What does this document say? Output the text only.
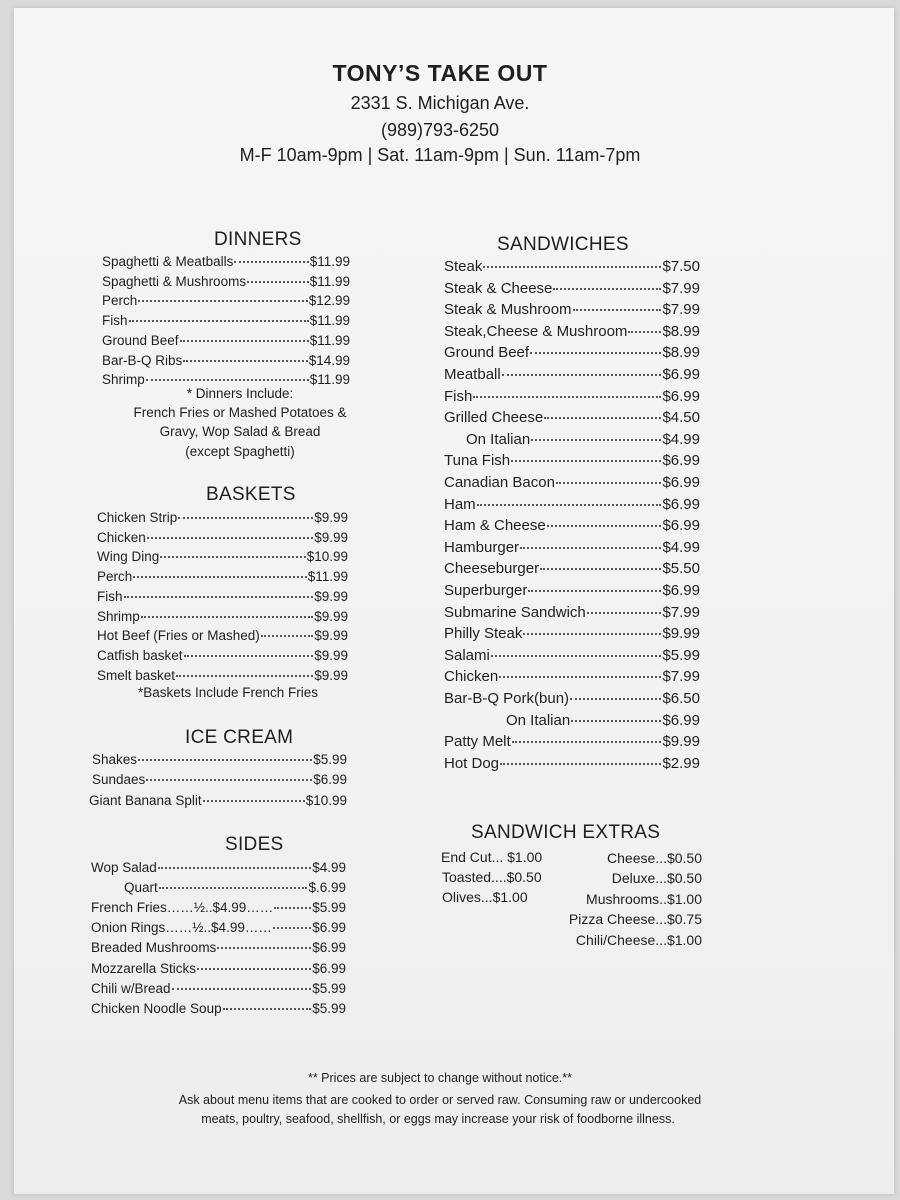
TONY’S TAKE OUT
2331 S. Michigan Ave.
(989)793-6250
M-F 10am-9pm | Sat. 11am-9pm | Sun. 11am-7pm
DINNERS
Spaghetti & Meatballs	$11.99
Spaghetti & Mushrooms	$11.99
Perch	$12.99
Fish	$11.99
Ground Beef	$11.99
Bar-B-Q Ribs	$14.99
Shrimp	$11.99
* Dinners Include:
French Fries or Mashed Potatoes &
Gravy, Wop Salad & Bread
(except Spaghetti)
BASKETS
Chicken Strip	$9.99
Chicken	$9.99
Wing Ding	$10.99
Perch	$11.99
Fish	$9.99
Shrimp	$9.99
Hot Beef (Fries or Mashed)	$9.99
Catfish basket	$9.99
Smelt basket	$9.99
*Baskets Include French Fries
ICE CREAM
Shakes	$5.99
Sundaes	$6.99
Giant Banana Split	$10.99
SIDES
Wop Salad	$4.99
Quart	$.6.99
French Fries……½..$4.99……	$5.99
Onion Rings……½..$4.99……	$6.99
Breaded Mushrooms	$6.99
Mozzarella Sticks	$6.99
Chili w/Bread	$5.99
Chicken Noodle Soup	$5.99
SANDWICHES
Steak	$7.50
Steak & Cheese	$7.99
Steak & Mushroom	$7.99
Steak,Cheese & Mushroom $8.99
Ground Beef	$8.99
Meatball	$6.99
Fish	$6.99
Grilled Cheese	$4.50
On Italian	$4.99
Tuna Fish	$6.99
Canadian Bacon	$6.99
Ham	$6.99
Ham & Cheese	$6.99
Hamburger	$4.99
Cheeseburger	$5.50
Superburger	$6.99
Submarine Sandwich	$7.99
Philly Steak	$9.99
Salami	$5.99
Chicken	$7.99
Bar-B-Q Pork(bun)	$6.50
On Italian	$6.99
Patty Melt	$9.99
Hot Dog	$2.99
SANDWICH EXTRAS
End Cut... $1.00
Toasted....$0.50
Olives...$1.00
Cheese...$0.50
Deluxe...$0.50
Mushrooms..$1.00
Pizza Cheese...$0.75
Chili/Cheese...$1.00
** Prices are subject to change without notice.**
Ask about menu items that are cooked to order or served raw. Consuming raw or undercooked
meats, poultry, seafood, shellfish, or eggs may increase your risk of foodborne illness.
